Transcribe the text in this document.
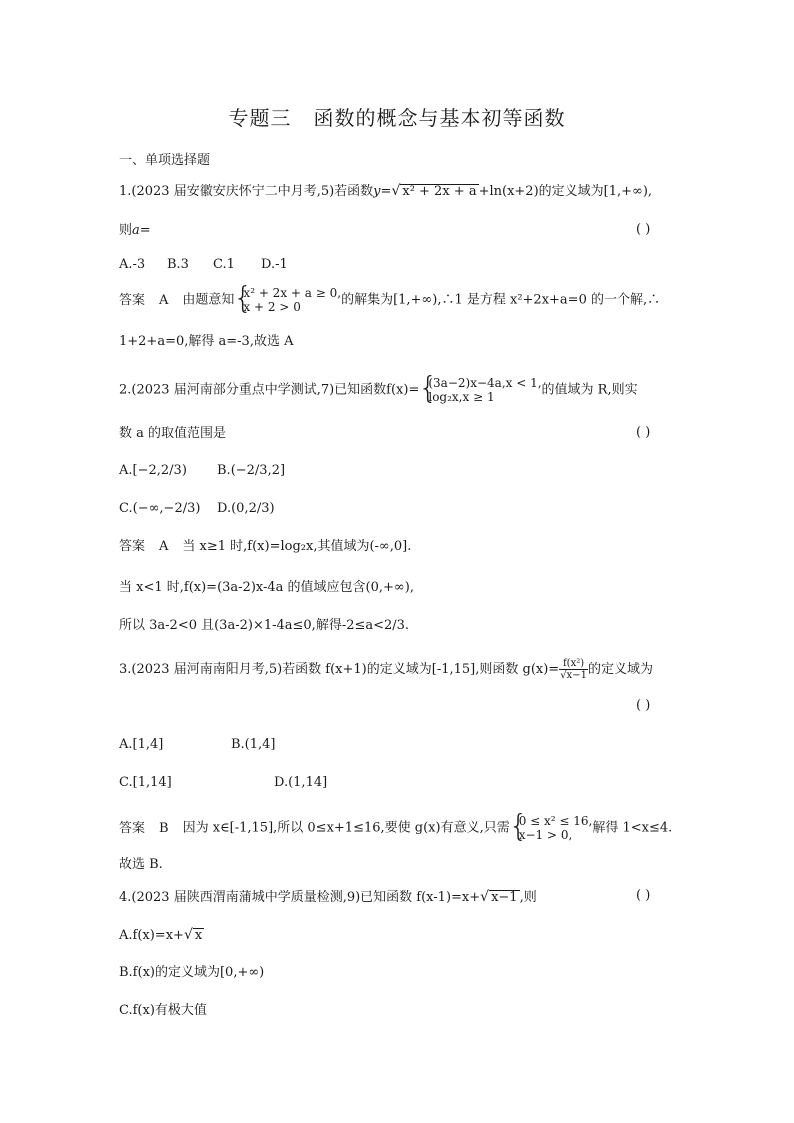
专题三 函数的概念与基本初等函数
一、单项选择题
1.(2023 届安徽安庆怀宁二中月考,5)若函数y=√ x² + 2x + a +ln(x+2)的定义域为[1,+∞),
则a=	( )
A.-3 B.3 C.1 D.-1
答案 A 由题意知 { x² + 2x + a ≥ 0,
x + 2 > 0	的解集为[1,+∞),∴1 是方程 x²+2x+a=0 的一个解,∴
1+2+a=0,解得 a=-3,故选 A
2.(2023 届河南部分重点中学测试,7)已知函数f(x)= { (3a−2)x−4a,x < 1,
log₂x,x ≥ 1	的值域为 R,则实
数 a 的取值范围是	( )
A.[−2,2/3) B.(−2/3,2]
C.(−∞,−2/3) D.(0,2/3)
答案 A 当 x≥1 时,f(x)=log₂x,其值域为(-∞,0].
当 x<1 时,f(x)=(3a-2)x-4a 的值域应包含(0,+∞),
所以 3a-2<0 且(3a-2)×1-4a≤0,解得-2≤a<2/3.
3.(2023 届河南南阳月考,5)若函数 f(x+1)的定义域为[-1,15],则函数 $g(x)= \frac{\text{f(x²)}}{√x-1}$ 的定义域为
( )
A.[1,4]	B.(1,4]
C.[1,14]	D.(1,14]
答案 B 因为 x∈[-1,15],所以 0≤x+1≤16,要使 g(x)有意义,只需 { 0 ≤ x² ≤ 16,
x−1 > 0,	解得 1<x≤4.
故选 B.
4.(2023 届陕西渭南蒲城中学质量检测,9)已知函数 f(x-1)=x+√ x−1 ,则	( )
A.f(x)=x+√ x
B.f(x)的定义域为[0,+∞)
C.f(x)有极大值
